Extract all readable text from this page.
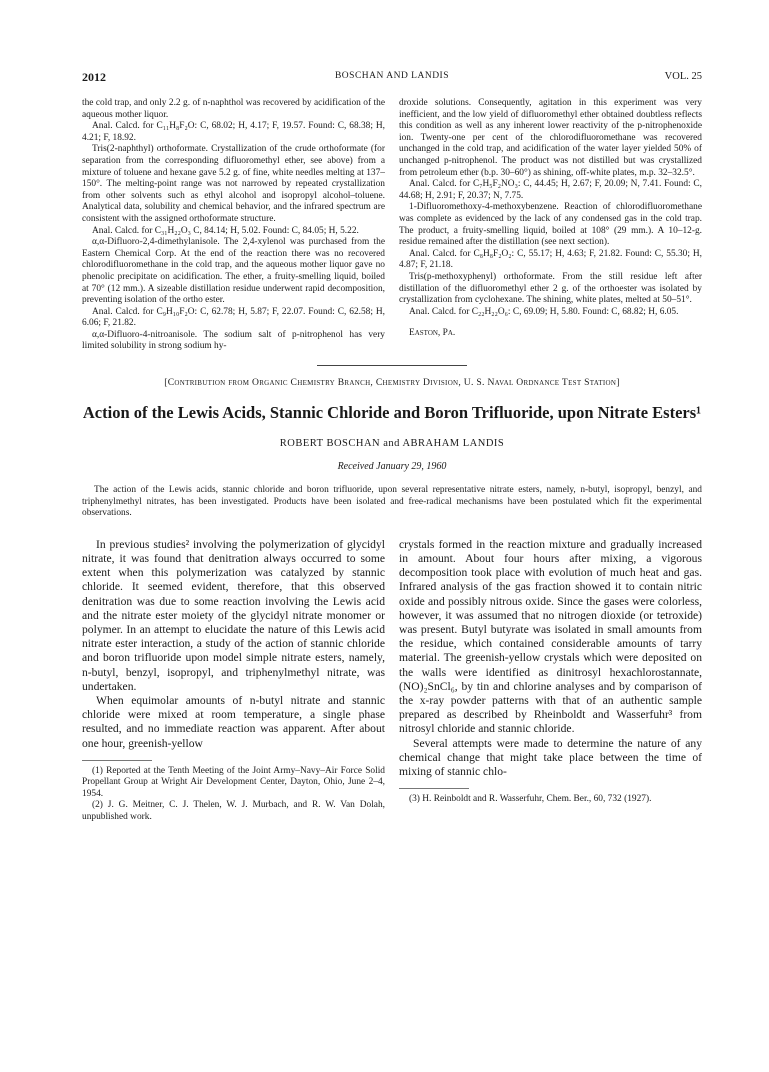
2012	BOSCHAN AND LANDIS	VOL. 25

the cold trap, and only 2.2 g. of n-naphthol was recovered by acidification of the aqueous mother liquor.

Anal. Calcd. for C₁₁H₈F₂O: C, 68.02; H, 4.17; F, 19.57. Found: C, 68.38; H, 4.21; F, 18.92.

Tris(2-naphthyl) orthoformate. Crystallization of the crude orthoformate (for separation from the corresponding difluoromethyl ether, see above) from a mixture of toluene and hexane gave 5.2 g. of fine, white needles melting at 137–150°. The melting-point range was not narrowed by repeated crystallization from other solvents such as ethyl alcohol and isopropyl alcohol–toluene. Analytical data, solubility and chemical behavior, and the infrared spectrum are consistent with the assigned orthoformate structure.

Anal. Calcd. for C₃₁H₂₂O₃ C, 84.14; H, 5.02. Found: C, 84.05; H, 5.22.

α,α-Difluoro-2,4-dimethylanisole. The 2,4-xylenol was purchased from the Eastern Chemical Corp. At the end of the reaction there was no recovered chlorodifluoromethane in the cold trap, and the aqueous mother liquor gave no phenolic precipitate on acidification. The ether, a fruity-smelling liquid, boiled at 70° (12 mm.). A sizeable distillation residue underwent rapid decomposition, preventing isolation of the ortho ester.

Anal. Calcd. for C₉H₁₀F₂O: C, 62.78; H, 5.87; F, 22.07. Found: C, 62.58; H, 6.06; F, 21.82.

α,α-Difluoro-4-nitroanisole. The sodium salt of p-nitrophenol has very limited solubility in strong sodium hy-

droxide solutions. Consequently, agitation in this experiment was very inefficient, and the low yield of difluoromethyl ether obtained doubtless reflects this condition as well as any inherent lower reactivity of the p-nitrophenoxide ion. Twenty-one per cent of the chlorodifluoromethane was recovered unchanged in the cold trap, and acidification of the water layer yielded 50% of unchanged p-nitrophenol. The product was not distilled but was crystallized from petroleum ether (b.p. 30–60°) as shining, off-white plates, m.p. 32–32.5°.

Anal. Calcd. for C₇H₅F₂NO₃: C, 44.45; H, 2.67; F, 20.09; N, 7.41. Found: C, 44.68; H, 2.91; F, 20.37; N, 7.75.

1-Difluoromethoxy-4-methoxybenzene. Reaction of chlorodifluoromethane was complete as evidenced by the lack of any condensed gas in the cold trap. The product, a fruity-smelling liquid, boiled at 108° (29 mm.). A 10–12-g. residue remained after the distillation (see next section).

Anal. Calcd. for C₈H₈F₂O₂: C, 55.17; H, 4.63; F, 21.82. Found: C, 55.30; H, 4.87; F, 21.18.

Tris(p-methoxyphenyl) orthoformate. From the still residue left after distillation of the difluoromethyl ether 2 g. of the orthoester was isolated by crystallization from cyclohexane. The shining, white plates, melted at 50–51°.

Anal. Calcd. for C₂₂H₂₂O₆: C, 69.09; H, 5.80. Found: C, 68.82; H, 6.05.

Easton, Pa.

[Contribution from Organic Chemistry Branch, Chemistry Division, U. S. Naval Ordnance Test Station]
Action of the Lewis Acids, Stannic Chloride and Boron Trifluoride, upon Nitrate Esters¹
ROBERT BOSCHAN and ABRAHAM LANDIS
Received January 29, 1960
The action of the Lewis acids, stannic chloride and boron trifluoride, upon several representative nitrate esters, namely, n-butyl, isopropyl, benzyl, and triphenylmethyl nitrates, has been investigated. Products have been isolated and free-radical mechanisms have been postulated which fit the experimental observations.

In previous studies² involving the polymerization of glycidyl nitrate, it was found that denitration always occurred to some extent when this polymerization was catalyzed by stannic chloride. It seemed evident, therefore, that this observed denitration was due to some reaction involving the Lewis acid and the nitrate ester moiety of the glycidyl nitrate monomer or polymer. In an attempt to elucidate the nature of this Lewis acid nitrate ester interaction, a study of the action of stannic chloride and boron trifluoride upon model simple nitrate esters, namely, n-butyl, benzyl, isopropyl, and triphenylmethyl nitrate, was undertaken.

When equimolar amounts of n-butyl nitrate and stannic chloride were mixed at room temperature, a single phase resulted, and no immediate reaction was apparent. After about one hour, greenish-yellow

(1) Reported at the Tenth Meeting of the Joint Army–Navy–Air Force Solid Propellant Group at Wright Air Development Center, Dayton, Ohio, June 2–4, 1954.

(2) J. G. Meitner, C. J. Thelen, W. J. Murbach, and R. W. Van Dolah, unpublished work.

crystals formed in the reaction mixture and gradually increased in amount. About four hours after mixing, a vigorous decomposition took place with evolution of much heat and gas. Infrared analysis of the gas fraction showed it to contain nitric oxide and possibly nitrous oxide. Since the gases were colorless, however, it was assumed that no nitrogen dioxide (or tetroxide) was present. Butyl butyrate was isolated in small amounts from the residue, which contained considerable amounts of tarry material. The greenish-yellow crystals which were deposited on the walls were identified as dinitrosyl hexachlorostannate, (NO)₂SnCl₆, by tin and chlorine analyses and by comparison of the x-ray powder patterns with that of an authentic sample prepared as described by Rheinboldt and Wasserfuhr³ from nitrosyl chloride and stannic chloride.

Several attempts were made to determine the nature of any chemical change that might take place between the time of mixing of stannic chlo-

(3) H. Reinboldt and R. Wasserfuhr, Chem. Ber., 60, 732 (1927).
